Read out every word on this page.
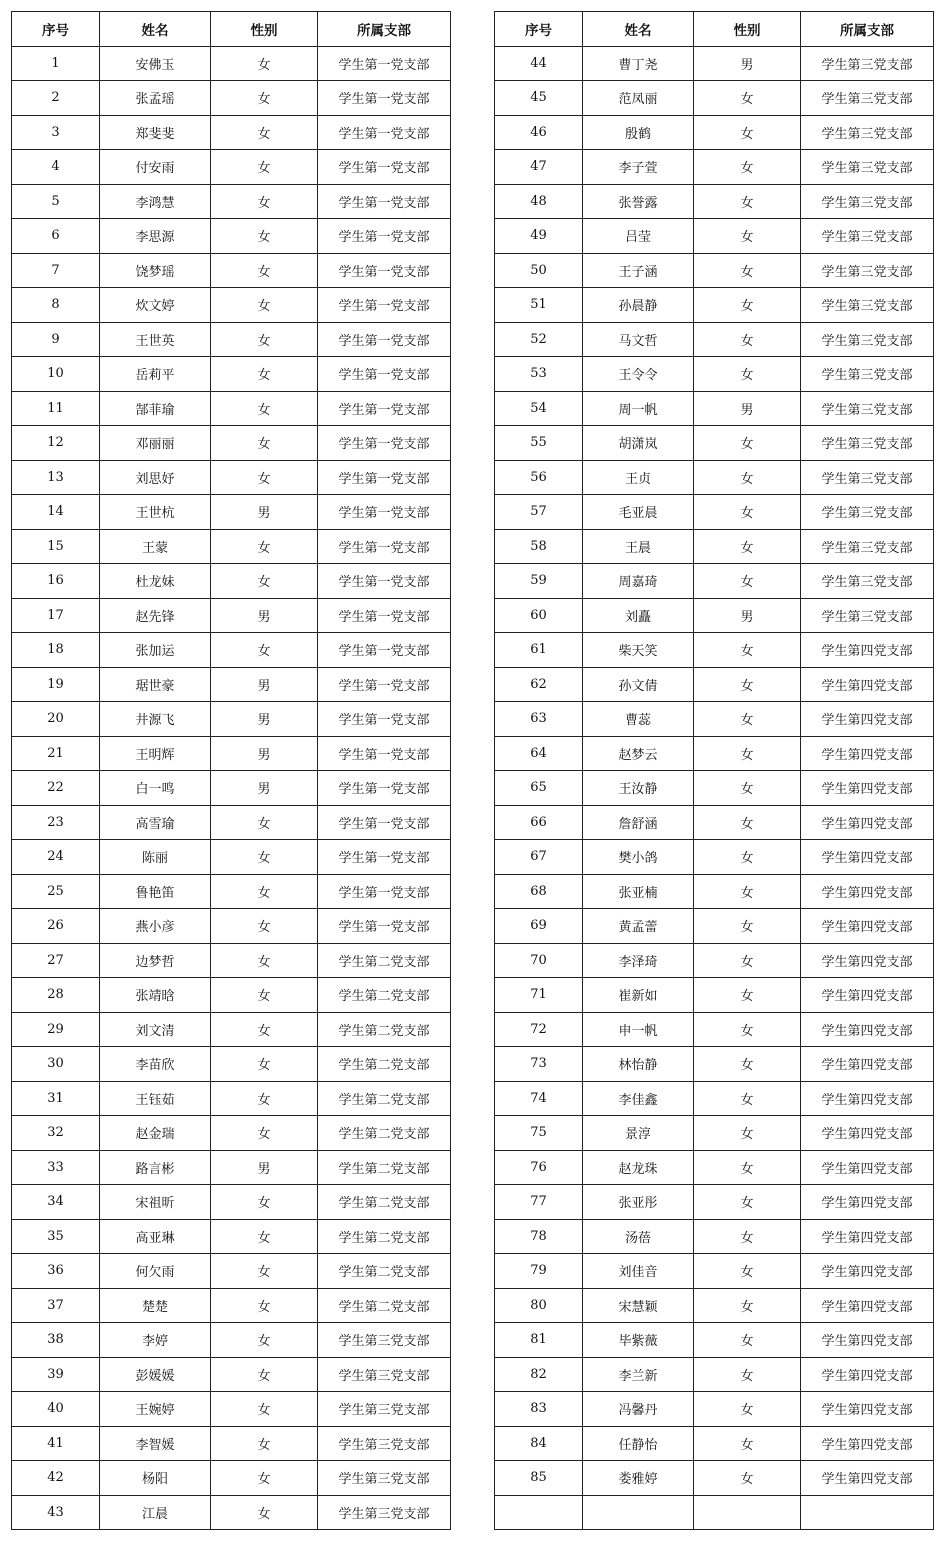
序号	姓名	性别	所属支部
1	安佛玉	女	学生第一党支部
2	张孟瑶	女	学生第一党支部
3	郑斐斐	女	学生第一党支部
4	付安雨	女	学生第一党支部
5	李鸿慧	女	学生第一党支部
6	李思源	女	学生第一党支部
7	饶梦瑶	女	学生第一党支部
8	炊文婷	女	学生第一党支部
9	王世英	女	学生第一党支部
10	岳莉平	女	学生第一党支部
11	郜菲瑜	女	学生第一党支部
12	邓丽丽	女	学生第一党支部
13	刘思妤	女	学生第一党支部
14	王世杭	男	学生第一党支部
15	王蒙	女	学生第一党支部
16	杜龙妹	女	学生第一党支部
17	赵先锋	男	学生第一党支部
18	张加运	女	学生第一党支部
19	琚世豪	男	学生第一党支部
20	井源飞	男	学生第一党支部
21	王明辉	男	学生第一党支部
22	白一鸣	男	学生第一党支部
23	高雪瑜	女	学生第一党支部
24	陈丽	女	学生第一党支部
25	鲁艳笛	女	学生第一党支部
26	燕小彦	女	学生第一党支部
27	边梦哲	女	学生第二党支部
28	张靖晗	女	学生第二党支部
29	刘文清	女	学生第二党支部
30	李苗欣	女	学生第二党支部
31	王钰茹	女	学生第二党支部
32	赵金瑞	女	学生第二党支部
33	路言彬	男	学生第二党支部
34	宋祖昕	女	学生第二党支部
35	高亚琳	女	学生第二党支部
36	何欠雨	女	学生第二党支部
37	楚楚	女	学生第二党支部
38	李婷	女	学生第三党支部
39	彭媛媛	女	学生第三党支部
40	王婉婷	女	学生第三党支部
41	李智媛	女	学生第三党支部
42	杨阳	女	学生第三党支部
43	江晨	女	学生第三党支部
序号	姓名	性别	所属支部
44	曹丁尧	男	学生第三党支部
45	范凤丽	女	学生第三党支部
46	殷鹤	女	学生第三党支部
47	李子萱	女	学生第三党支部
48	张誉露	女	学生第三党支部
49	吕莹	女	学生第三党支部
50	王子涵	女	学生第三党支部
51	孙晨静	女	学生第三党支部
52	马文哲	女	学生第三党支部
53	王令令	女	学生第三党支部
54	周一帆	男	学生第三党支部
55	胡潇岚	女	学生第三党支部
56	王贞	女	学生第三党支部
57	毛亚晨	女	学生第三党支部
58	王晨	女	学生第三党支部
59	周嘉琦	女	学生第三党支部
60	刘矗	男	学生第三党支部
61	柴天笑	女	学生第四党支部
62	孙文倩	女	学生第四党支部
63	曹蕊	女	学生第四党支部
64	赵梦云	女	学生第四党支部
65	王汝静	女	学生第四党支部
66	詹舒涵	女	学生第四党支部
67	樊小鸽	女	学生第四党支部
68	张亚楠	女	学生第四党支部
69	黄孟蕾	女	学生第四党支部
70	李泽琦	女	学生第四党支部
71	崔新如	女	学生第四党支部
72	申一帆	女	学生第四党支部
73	林怡静	女	学生第四党支部
74	李佳鑫	女	学生第四党支部
75	景淳	女	学生第四党支部
76	赵龙珠	女	学生第四党支部
77	张亚彤	女	学生第四党支部
78	汤蓓	女	学生第四党支部
79	刘佳音	女	学生第四党支部
80	宋慧颖	女	学生第四党支部
81	毕紫薇	女	学生第四党支部
82	李兰新	女	学生第四党支部
83	冯馨丹	女	学生第四党支部
84	任静怡	女	学生第四党支部
85	娄雅婷	女	学生第四党支部
